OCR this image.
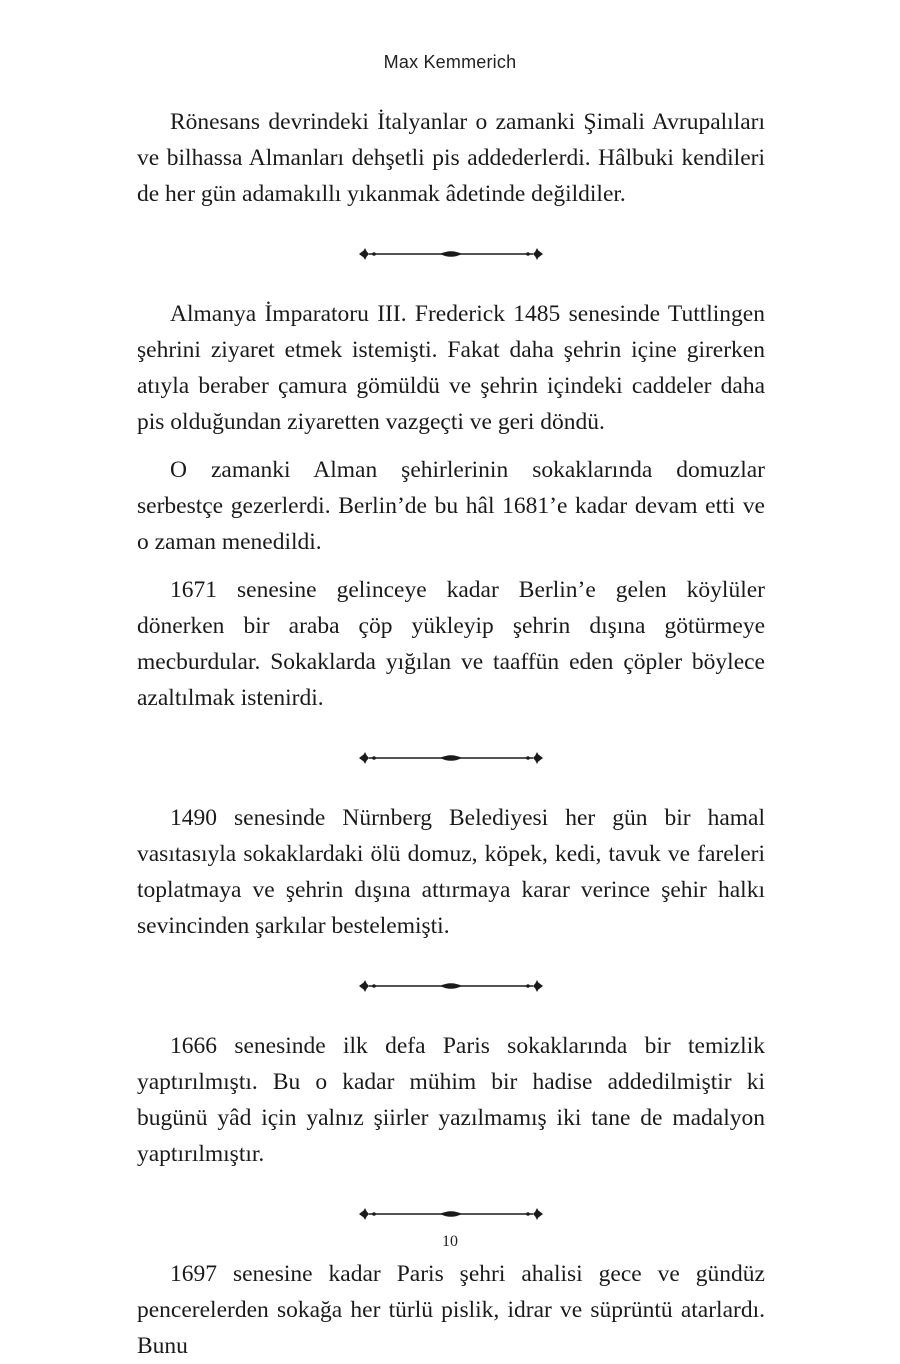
Max Kemmerich

Rönesans devrindeki İtalyanlar o zamanki Şimali Avrupalıları ve bilhassa Almanları dehşetli pis addederlerdi. Hâlbuki kendileri de her gün adamakıllı yıkanmak âdetinde değildiler.

Almanya İmparatoru III. Frederick 1485 senesinde Tuttlingen şehrini ziyaret etmek istemişti. Fakat daha şehrin içine girerken atıyla beraber çamura gömüldü ve şehrin içindeki caddeler daha pis olduğundan ziyaretten vazgeçti ve geri döndü.

O zamanki Alman şehirlerinin sokaklarında domuzlar serbestçe gezerlerdi. Berlin’de bu hâl 1681’e kadar devam etti ve o zaman menedildi.

1671 senesine gelinceye kadar Berlin’e gelen köylüler dönerken bir araba çöp yükleyip şehrin dışına götürmeye mecburdular. Sokaklarda yığılan ve taaffün eden çöpler böylece azaltılmak istenirdi.

1490 senesinde Nürnberg Belediyesi her gün bir hamal vasıtasıyla sokaklardaki ölü domuz, köpek, kedi, tavuk ve fareleri toplatmaya ve şehrin dışına attırmaya karar verince şehir halkı sevincinden şarkılar bestelemişti.

1666 senesinde ilk defa Paris sokaklarında bir temizlik yaptırılmıştı. Bu o kadar mühim bir hadise addedilmiştir ki bugünü yâd için yalnız şiirler yazılmamış iki tane de madalyon yaptırılmıştır.

1697 senesine kadar Paris şehri ahalisi gece ve gündüz pencerelerden sokağa her türlü pislik, idrar ve süprüntü atarlardı. Bunu

10
